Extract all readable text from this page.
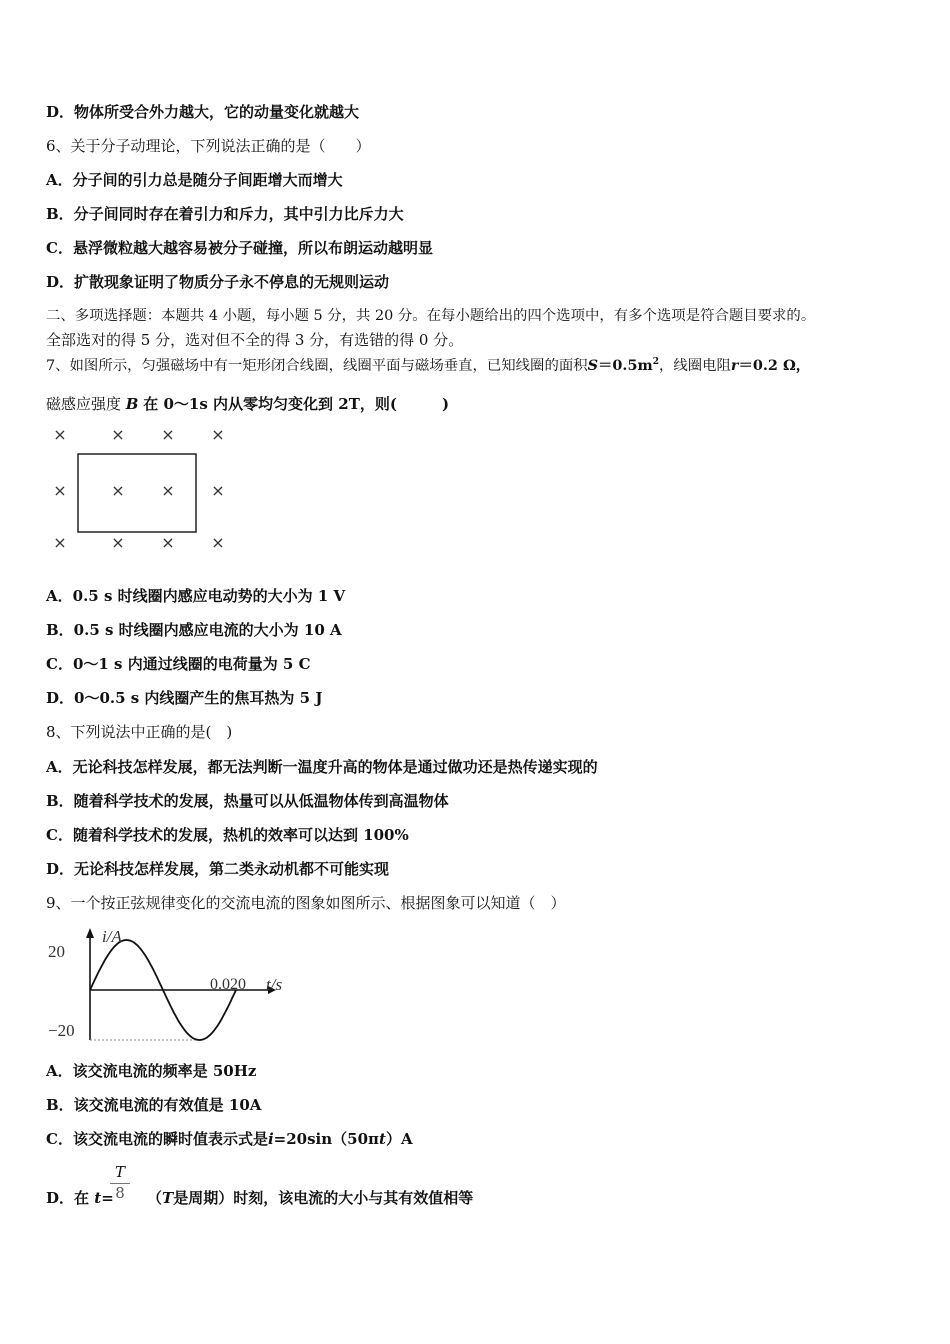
D．物体所受合外力越大，它的动量变化就越大
6、关于分子动理论，下列说法正确的是（　　）
A．分子间的引力总是随分子间距增大而增大
B．分子间同时存在着引力和斥力，其中引力比斥力大
C．悬浮微粒越大越容易被分子碰撞，所以布朗运动越明显
D．扩散现象证明了物质分子永不停息的无规则运动
二、多项选择题：本题共 4 小题，每小题 5 分，共 20 分。在每小题给出的四个选项中，有多个选项是符合题目要求的。
全部选对的得 5 分，选对但不全的得 3 分，有选错的得 0 分。
7、如图所示，匀强磁场中有一矩形闭合线圈，线圈平面与磁场垂直，已知线圈的面积$S=0.5m^2$，线圈电阻r＝0.2 Ω，
磁感应强度 B 在 0～1s 内从零均匀变化到 2T，则(　　　)
×	× × ×
×	× × ×
×	× × ×
A．0.5 s 时线圈内感应电动势的大小为 1 V
B．0.5 s 时线圈内感应电流的大小为 10 A
C．0～1 s 内通过线圈的电荷量为 5 C
D．0～0.5 s 内线圈产生的焦耳热为 5 J
8、下列说法中正确的是(　)
A．无论科技怎样发展，都无法判断一温度升高的物体是通过做功还是热传递实现的
B．随着科学技术的发展，热量可以从低温物体传到高温物体
C．随着科学技术的发展，热机的效率可以达到 100%
D．无论科技怎样发展，第二类永动机都不可能实现
9、一个按正弦规律变化的交流电流的图象如图所示、根据图象可以知道（　）
20
−20
i/A
0.020 t/s
A．该交流电流的频率是 50Hz
B．该交流电流的有效值是 10A
C．该交流电流的瞬时值表示式是i=20sin（50πt）A
T
8
D．在 t= （T是周期）时刻，该电流的大小与其有效值相等
